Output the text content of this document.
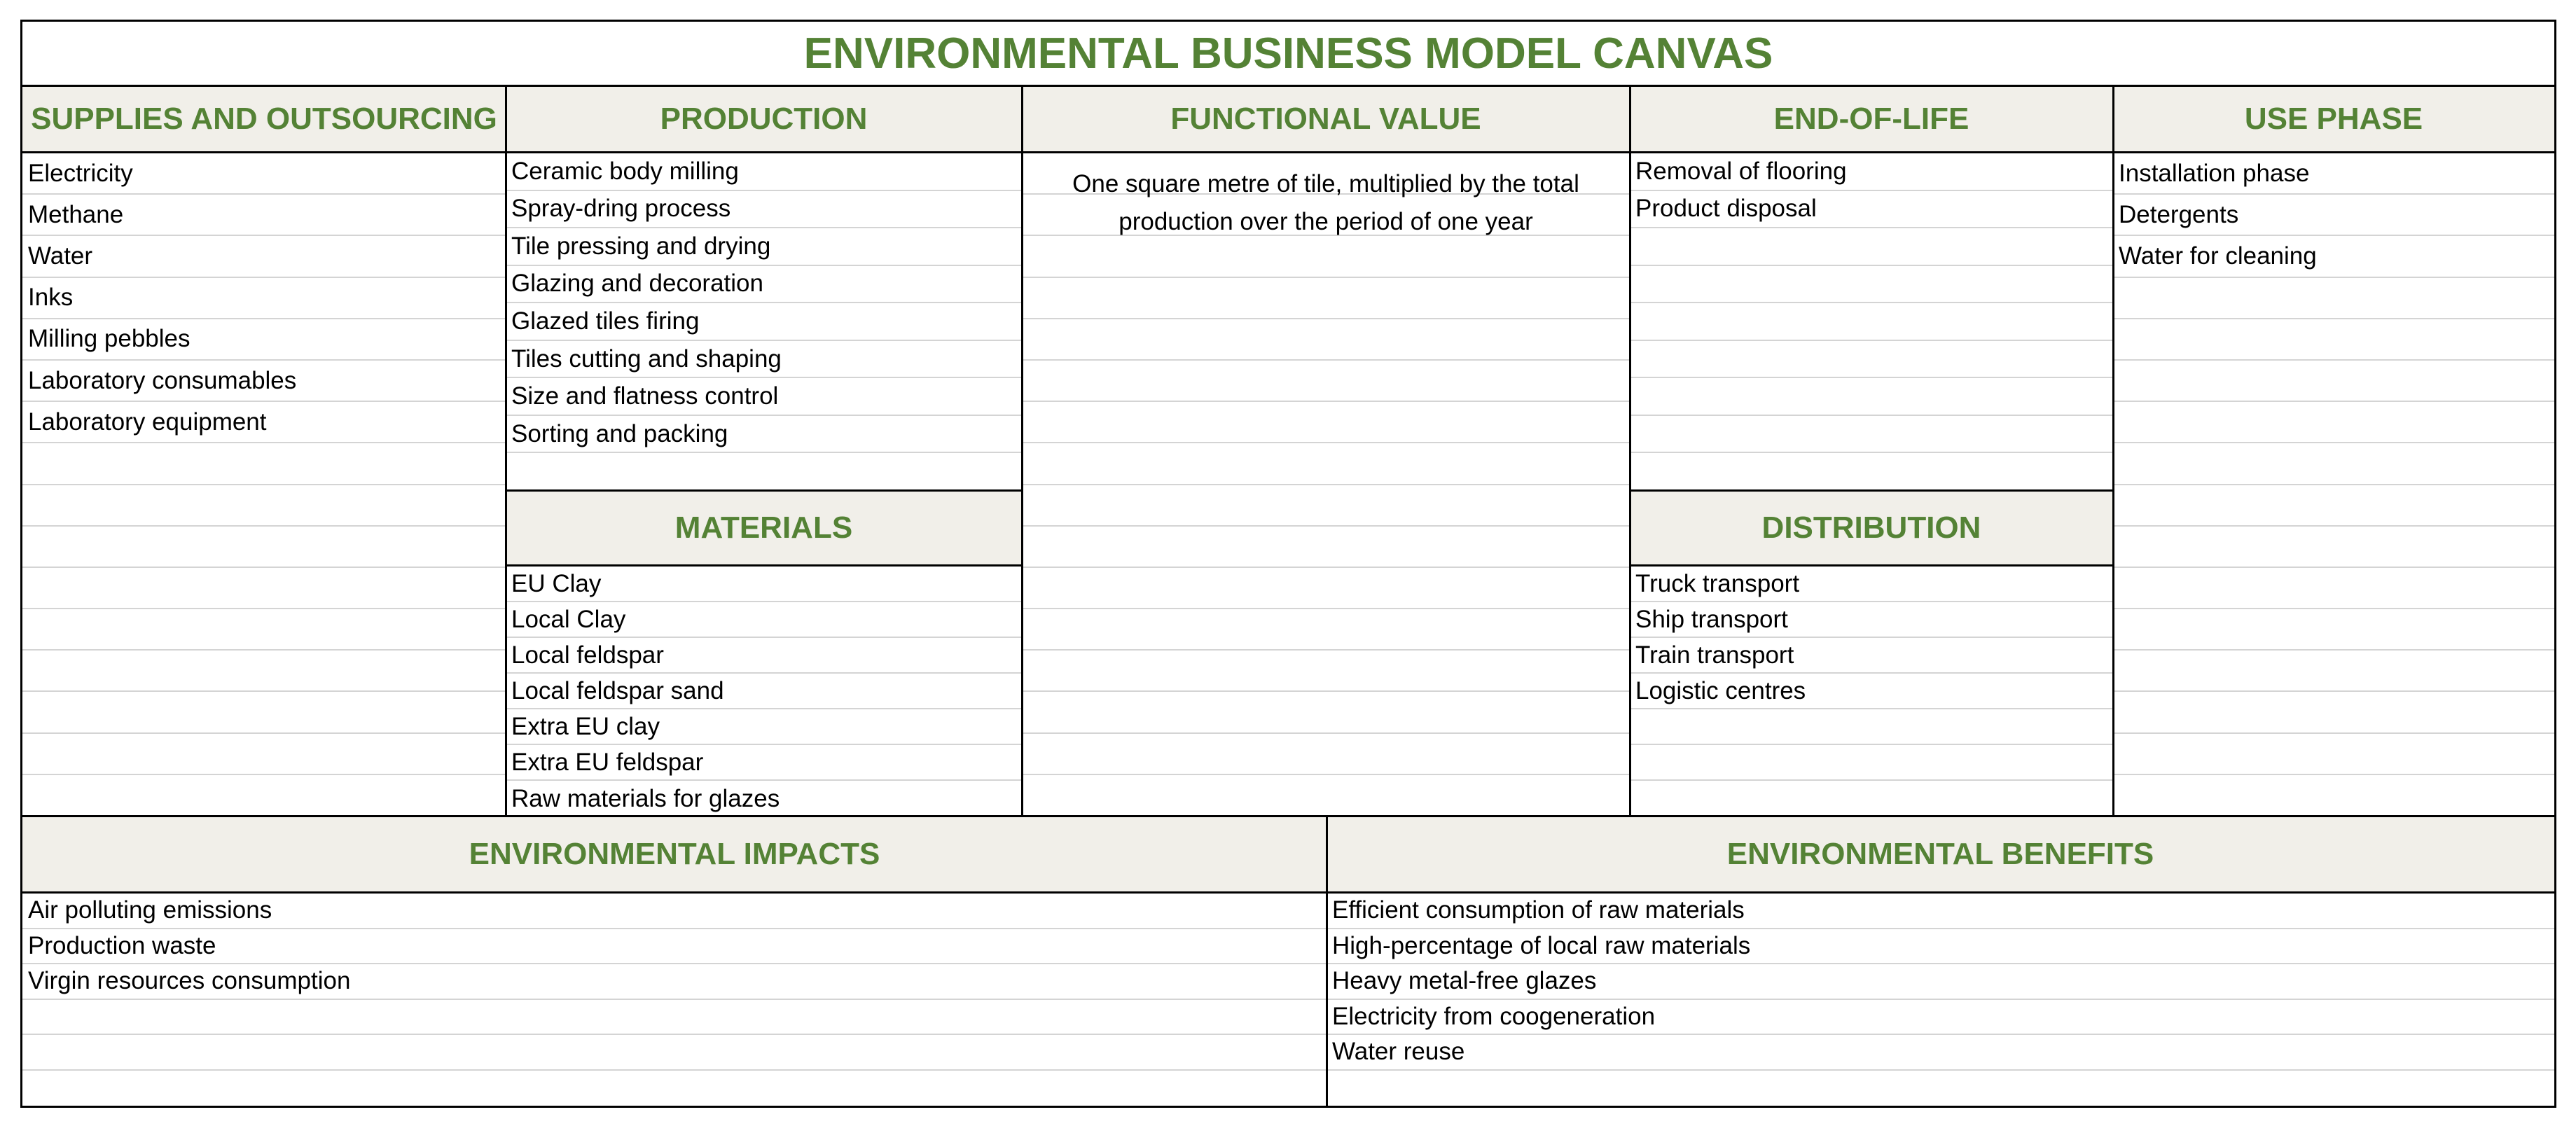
ENVIRONMENTAL BUSINESS MODEL CANVAS
SUPPLIES AND OUTSOURCING
Electricity
Methane
Water
Inks
Milling pebbles
Laboratory consumables
Laboratory equipment
PRODUCTION
Ceramic body milling
Spray-dring process
Tile pressing and drying
Glazing and decoration
Glazed tiles firing
Tiles cutting and shaping
Size and flatness control
Sorting and packing
MATERIALS
EU Clay
Local Clay
Local feldspar
Local feldspar sand
Extra EU clay
Extra EU feldspar
Raw materials for glazes
FUNCTIONAL VALUE
One square metre of tile, multiplied by the total
production over the period of one year
END-OF-LIFE
Removal of flooring
Product disposal
DISTRIBUTION
Truck transport
Ship transport
Train transport
Logistic centres
USE PHASE
Installation phase
Detergents
Water for cleaning
ENVIRONMENTAL IMPACTS
Air polluting emissions
Production waste
Virgin resources consumption
ENVIRONMENTAL BENEFITS
Efficient consumption of raw materials
High-percentage of local raw materials
Heavy metal-free glazes
Electricity from coogeneration
Water reuse
